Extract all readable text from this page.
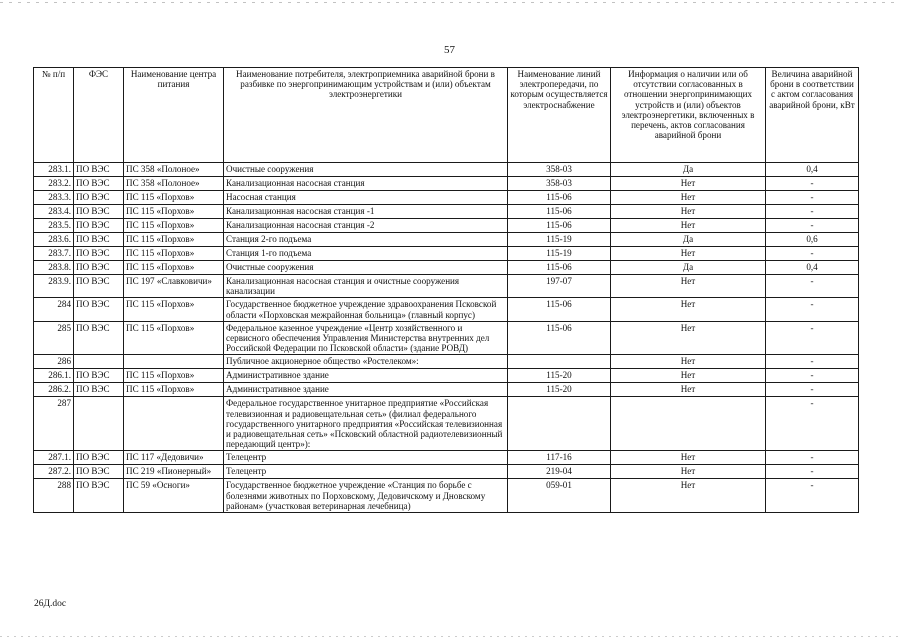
57
№ п/п	ФЭС	Наименование центра питания	Наименование потребителя, электроприемника аварийной брони в разбивке по энергопринимающим устройствам и (или) объектам электроэнергетики	Наименование линий электропередачи, по которым осуществляется электроснабжение	Информация о наличии или об отсутствии согласованных в отношении энергопринимающих устройств и (или) объектов электроэнергетики, включенных в перечень, актов согласования аварийной брони	Величина аварийной брони в соответствии с актом согласования аварийной брони, кВт
283.1.	ПО ВЭС	ПС 358 «Полоное»	Очистные сооружения	358-03	Да	0,4
283.2.	ПО ВЭС	ПС 358 «Полоное»	Канализационная насосная станция	358-03	Нет	-
283.3.	ПО ВЭС	ПС 115 «Порхов»	Насосная станция	115-06	Нет	-
283.4.	ПО ВЭС	ПС 115 «Порхов»	Канализационная насосная станция -1	115-06	Нет	-
283.5.	ПО ВЭС	ПС 115 «Порхов»	Канализационная насосная станция -2	115-06	Нет	-
283.6.	ПО ВЭС	ПС 115 «Порхов»	Станция 2-го подъема	115-19	Да	0,6
283.7.	ПО ВЭС	ПС 115 «Порхов»	Станция 1-го подъема	115-19	Нет	-
283.8.	ПО ВЭС	ПС 115 «Порхов»	Очистные сооружения	115-06	Да	0,4
283.9.	ПО ВЭС	ПС 197 «Славковичи»	Канализационная насосная станция и очистные сооружения канализации	197-07	Нет	-
284	ПО ВЭС	ПС 115 «Порхов»	Государственное бюджетное учреждение здравоохранения Псковской области «Порховская межрайонная больница» (главный корпус)	115-06	Нет	-
285	ПО ВЭС	ПС 115 «Порхов»	Федеральное казенное учреждение «Центр хозяйственного и сервисного обеспечения Управления Министерства внутренних дел Российской Федерации по Псковской области» (здание РОВД)	115-06	Нет	-
286			Публичное акционерное общество «Ростелеком»:		Нет	-
286.1.	ПО ВЭС	ПС 115 «Порхов»	Административное здание	115-20	Нет	-
286.2.	ПО ВЭС	ПС 115 «Порхов»	Административное здание	115-20	Нет	-
287			Федеральное государственное унитарное предприятие «Российская телевизионная и радиовещательная сеть» (филиал федерального государственного унитарного предприятия «Российская телевизионная и радиовещательная сеть» «Псковский областной радиотелевизионный передающий центр»):			-
287.1.	ПО ВЭС	ПС 117 «Дедовичи»	Телецентр	117-16	Нет	-
287.2.	ПО ВЭС	ПС 219 «Пионерный»	Телецентр	219-04	Нет	-
288	ПО ВЭС	ПС 59 «Осноги»	Государственное бюджетное учреждение «Станция по борьбе с болезнями животных по Порховскому, Дедовичскому и Дновскому районам» (участковая ветеринарная лечебница)	059-01	Нет	-
26Д.doc
